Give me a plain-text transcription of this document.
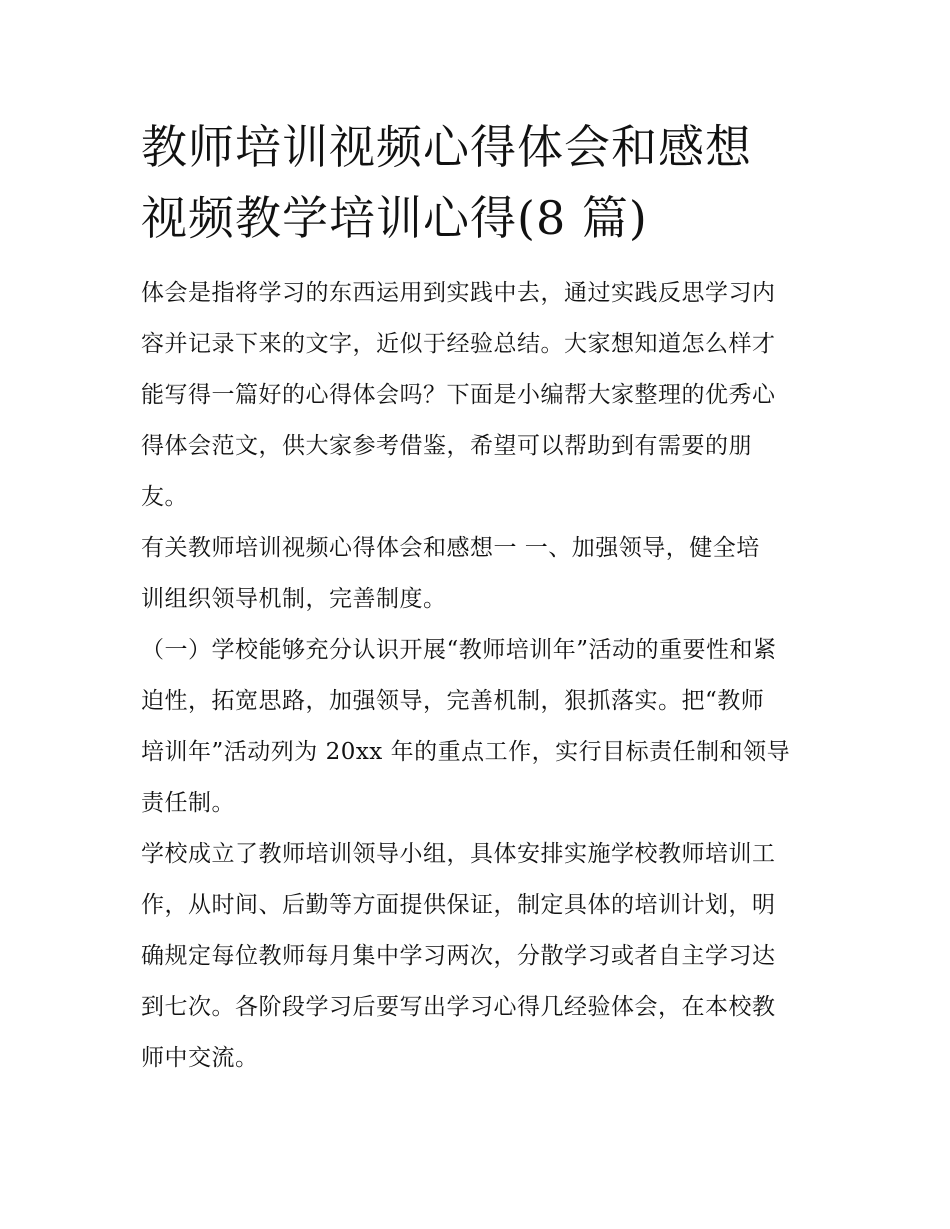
教师培训视频心得体会和感想
视频教学培训心得(8 篇)

体会是指将学习的东西运用到实践中去，通过实践反思学习内
容并记录下来的文字，近似于经验总结。大家想知道怎么样才
能写得一篇好的心得体会吗？下面是小编帮大家整理的优秀心
得体会范文，供大家参考借鉴，希望可以帮助到有需要的朋
友。

有关教师培训视频心得体会和感想一 一、加强领导，健全培
训组织领导机制，完善制度。

（一）学校能够充分认识开展“教师培训年”活动的重要性和紧
迫性，拓宽思路，加强领导，完善机制，狠抓落实。把“教师
培训年”活动列为 20xx 年的重点工作，实行目标责任制和领导
责任制。

学校成立了教师培训领导小组，具体安排实施学校教师培训工
作，从时间、后勤等方面提供保证，制定具体的培训计划，明
确规定每位教师每月集中学习两次，分散学习或者自主学习达
到七次。各阶段学习后要写出学习心得几经验体会，在本校教
师中交流。
